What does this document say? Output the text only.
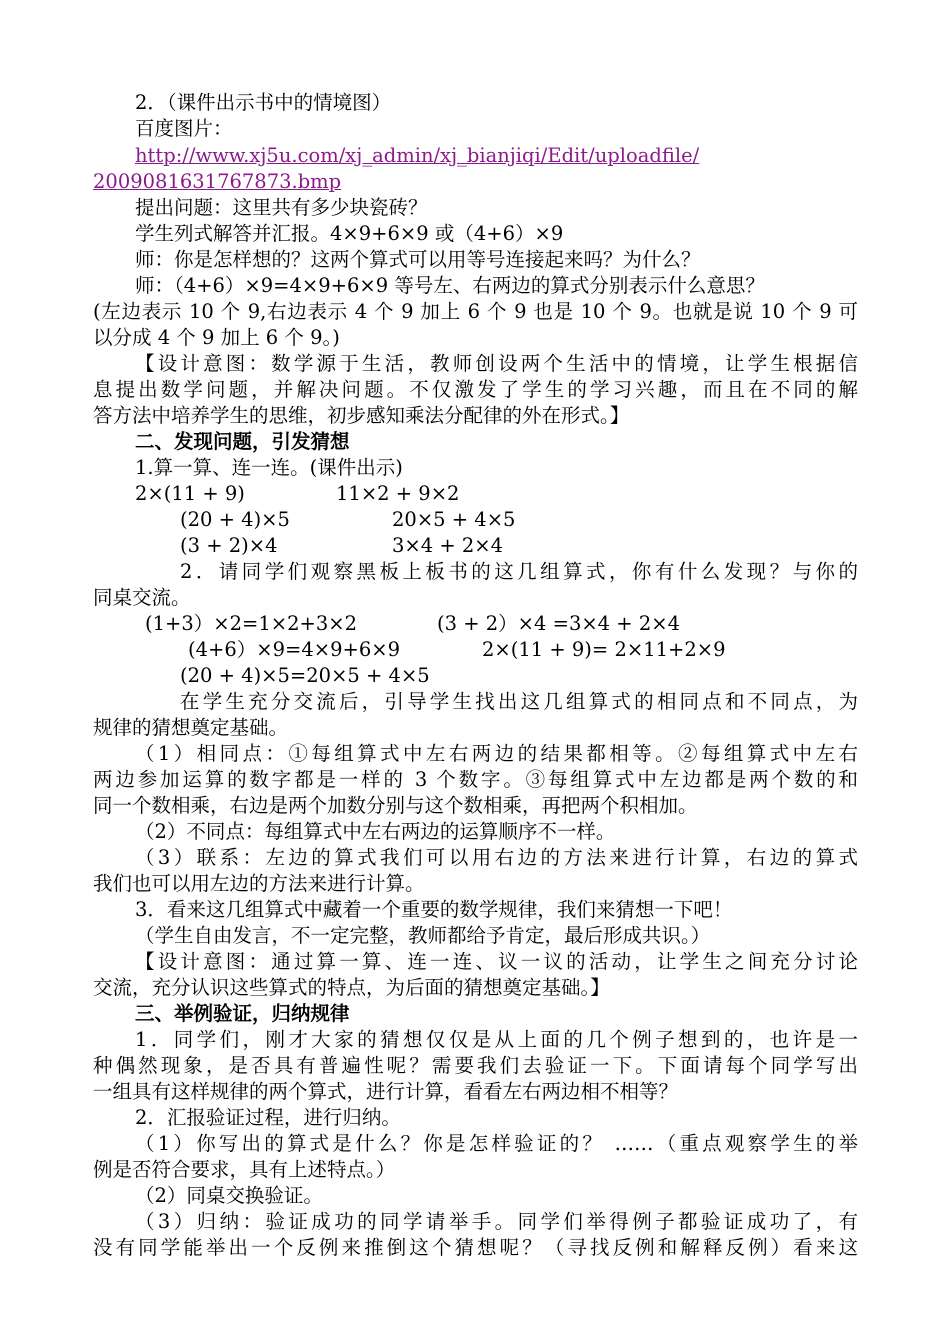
2．（课件出示书中的情境图）
百度图片：
http://www.xj5u.com/xj_admin/xj_bianjiqi/Edit/uploadfile/
2009081631767873.bmp
提出问题：这里共有多少块瓷砖？
学生列式解答并汇报。4×9+6×9 或（4+6）×9
师：你是怎样想的？这两个算式可以用等号连接起来吗？为什么？
师：（4+6）×9=4×9+6×9 等号左、右两边的算式分别表示什么意思？
(左边表示 10 个 9,右边表示 4 个 9 加上 6 个 9 也是 10 个 9。也就是说 10 个 9 可
以分成 4 个 9 加上 6 个 9。)
【设计意图：数学源于生活，教师创设两个生活中的情境，让学生根据信
息提出数学问题，并解决问题。不仅激发了学生的学习兴趣，而且在不同的解
答方法中培养学生的思维，初步感知乘法分配律的外在形式。】
二、发现问题，引发猜想
1.算一算、连一连。(课件出示)
2×(11 + 9)	11×2 + 9×2
(20 + 4)×5	20×5 + 4×5
(3 + 2)×4	3×4 + 2×4
2．请同学们观察黑板上板书的这几组算式，你有什么发现？与你的
同桌交流。
(1+3）×2=1×2+3×2	(3 + 2）×4 =3×4 + 2×4
(4+6）×9=4×9+6×9	2×(11 + 9)= 2×11+2×9
(20 + 4)×5=20×5 + 4×5
在学生充分交流后，引导学生找出这几组算式的相同点和不同点，为
规律的猜想奠定基础。
（1）相同点：①每组算式中左右两边的结果都相等。②每组算式中左右
两边参加运算的数字都是一样的 3 个数字。③每组算式中左边都是两个数的和
同一个数相乘，右边是两个加数分别与这个数相乘，再把两个积相加。
（2）不同点：每组算式中左右两边的运算顺序不一样。
（3）联系：左边的算式我们可以用右边的方法来进行计算，右边的算式
我们也可以用左边的方法来进行计算。
3．看来这几组算式中藏着一个重要的数学规律，我们来猜想一下吧！
（学生自由发言，不一定完整，教师都给予肯定，最后形成共识。）
【设计意图：通过算一算、连一连、议一议的活动，让学生之间充分讨论
交流，充分认识这些算式的特点，为后面的猜想奠定基础。】
三、举例验证，归纳规律
1．同学们，刚才大家的猜想仅仅是从上面的几个例子想到的，也许是一
种偶然现象，是否具有普遍性呢？需要我们去验证一下。下面请每个同学写出
一组具有这样规律的两个算式，进行计算，看看左右两边相不相等？
2．汇报验证过程，进行归纳。
（1）你写出的算式是什么？你是怎样验证的？ ……（重点观察学生的举
例是否符合要求，具有上述特点。）
（2）同桌交换验证。
（3）归纳：验证成功的同学请举手。同学们举得例子都验证成功了，有
没有同学能举出一个反例来推倒这个猜想呢？（寻找反例和解释反例）看来这
